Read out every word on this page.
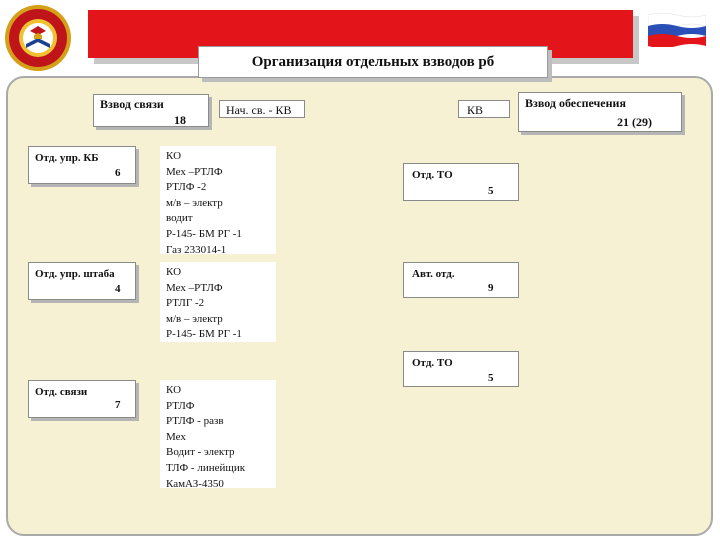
Организация отдельных взводов рб
Взвод связи
18
Нач. св. - КВ	КВ	Взвод обеспечения
21 (29)
Отд. упр. КБ
6
Отд. упр. штаба
4
Отд. связи
7
КО
Мех –РТЛФ
РТЛФ -2
м/в – электр
водит
Р-145- БМ РГ -1
Газ 233014-1
КО
Мех –РТЛФ
РТЛГ -2
м/в – электр
Р-145- БМ РГ -1
КО
РТЛФ
РТЛФ - разв
Мех
Водит - электр
ТЛФ - линейщик
КамАЗ-4350
Отд. ТО
5
Авт. отд.
9
Отд. ТО
5
